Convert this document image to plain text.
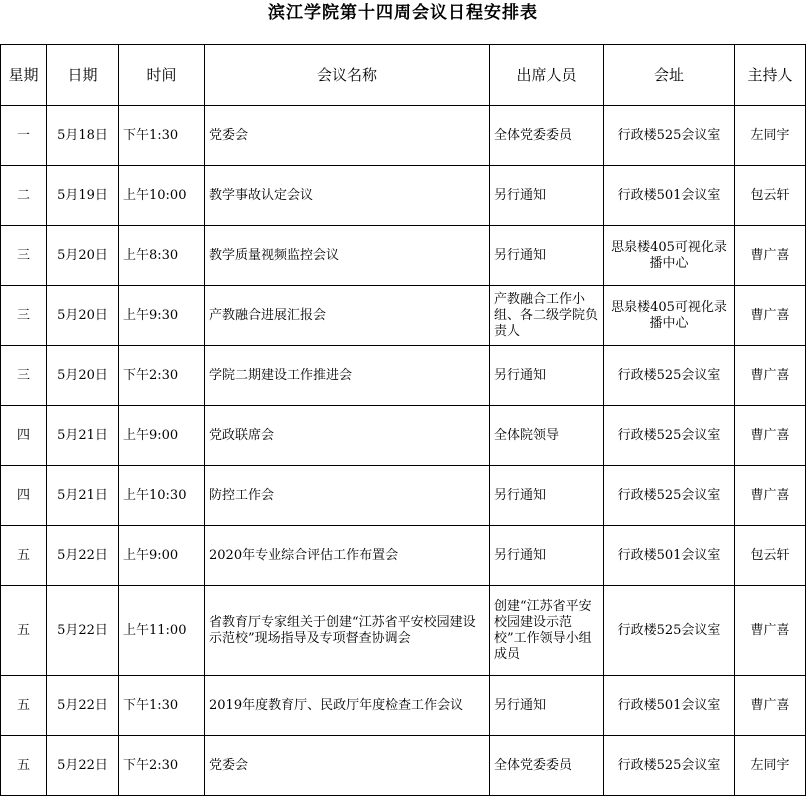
滨江学院第十四周会议日程安排表
星期	日期	时间	会议名称	出席人员	会址	主持人
一	5月18日	下午1:30	党委会	全体党委委员	行政楼525会议室	左同宇
二	5月19日	上午10:00	教学事故认定会议	另行通知	行政楼501会议室	包云轩
三	5月20日	上午8:30	教学质量视频监控会议	另行通知	思泉楼405可视化录播中心	曹广喜
三	5月20日	上午9:30	产教融合进展汇报会	产教融合工作小组、各二级学院负责人	思泉楼405可视化录播中心	曹广喜
三	5月20日	下午2:30	学院二期建设工作推进会	另行通知	行政楼525会议室	曹广喜
四	5月21日	上午9:00	党政联席会	全体院领导	行政楼525会议室	曹广喜
四	5月21日	上午10:30	防控工作会	另行通知	行政楼525会议室	曹广喜
五	5月22日	上午9:00	2020年专业综合评估工作布置会	另行通知	行政楼501会议室	包云轩
五	5月22日	上午11:00	省教育厅专家组关于创建“江苏省平安校园建设示范校”现场指导及专项督查协调会	创建“江苏省平安校园建设示范校”工作领导小组成员	行政楼525会议室	曹广喜
五	5月22日	下午1:30	2019年度教育厅、民政厅年度检查工作会议	另行通知	行政楼501会议室	曹广喜
五	5月22日	下午2:30	党委会	全体党委委员	行政楼525会议室	左同宇
